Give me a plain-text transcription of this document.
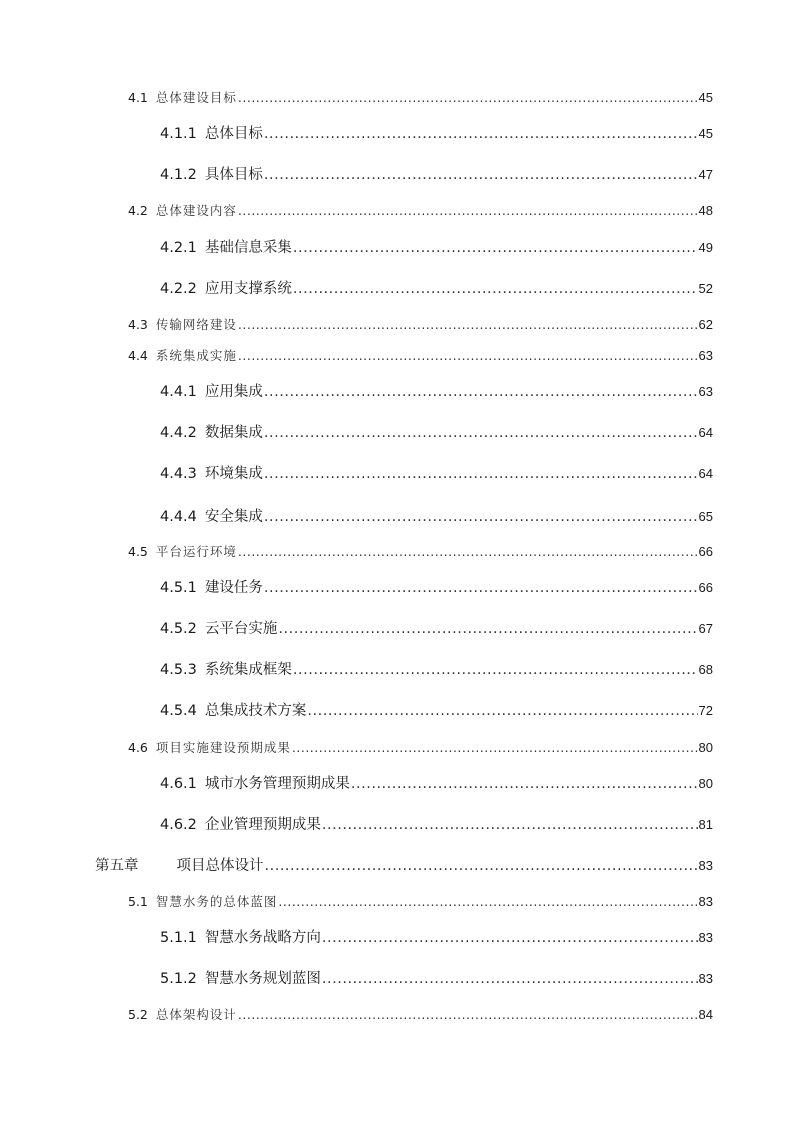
4.1 总体建设目标 .....	45
4.1.1 总体目标 .....	45
4.1.2 具体目标 .....	47
4.2 总体建设内容 .....	48
4.2.1 基础信息采集 .....	49
4.2.2 应用支撑系统 .....	52
4.3 传输网络建设 .....	62
4.4 系统集成实施 .....	63
4.4.1 应用集成 .....	63
4.4.2 数据集成 .....	64
4.4.3 环境集成 .....	64
4.4.4 安全集成 .....	65
4.5 平台运行环境 .....	66
4.5.1 建设任务 .....	66
4.5.2 云平台实施 .....	67
4.5.3 系统集成框架 .....	68
4.5.4 总集成技术方案 .....	72
4.6 项目实施建设预期成果 .....	80
4.6.1 城市水务管理预期成果 .....	80
4.6.2 企业管理预期成果 .....	81
第五章	项目总体设计 .....	83
5.1 智慧水务的总体蓝图 .....	83
5.1.1 智慧水务战略方向 .....	83
5.1.2 智慧水务规划蓝图 .....	83
5.2 总体架构设计 .....	84
